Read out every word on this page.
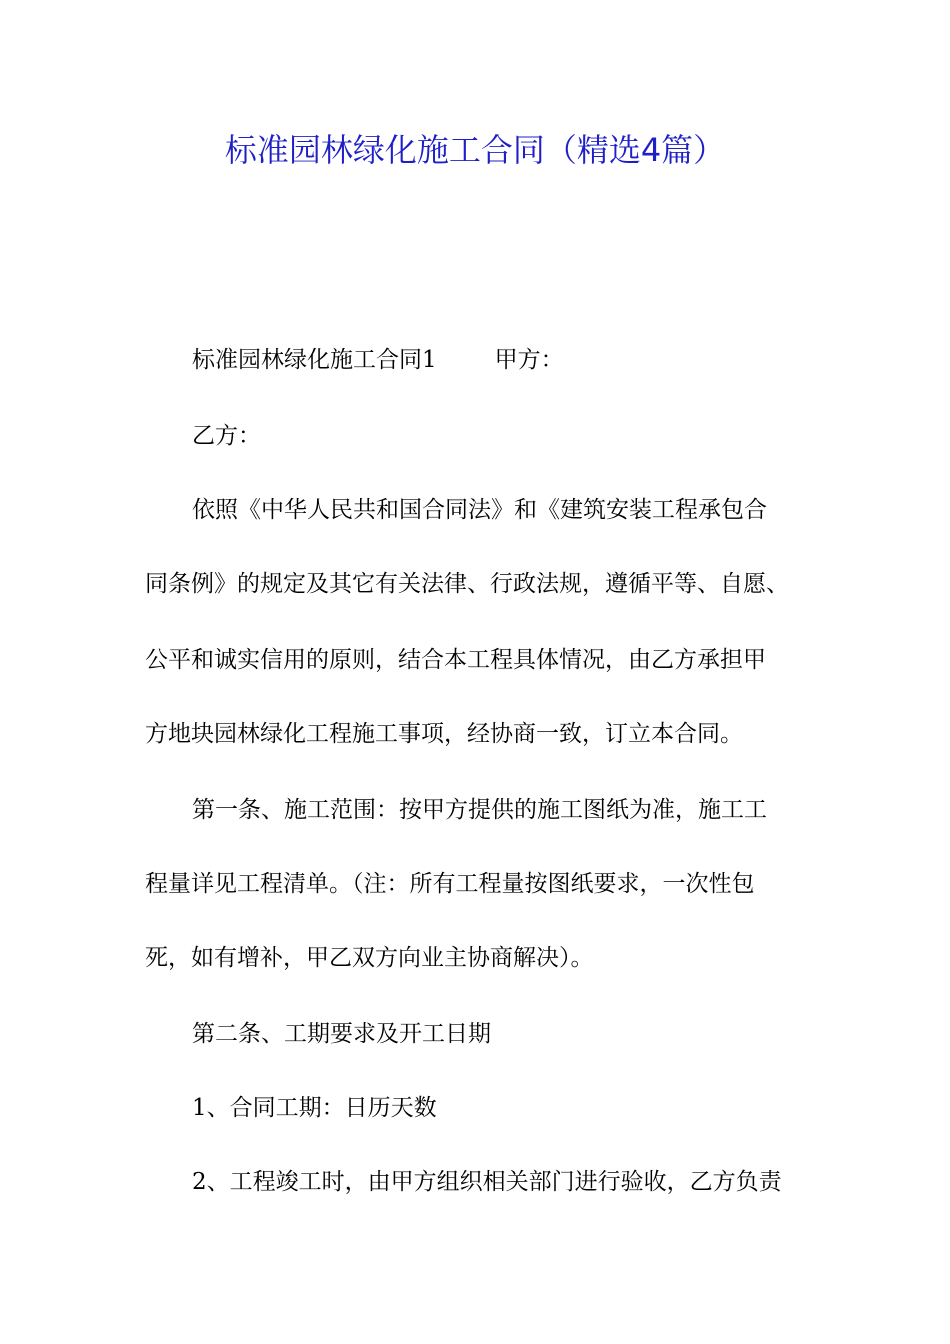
标准园林绿化施工合同（精选4篇）
标准园林绿化施工合同1	甲方：
乙方：
依照《中华人民共和国合同法》和《建筑安装工程承包合
同条例》的规定及其它有关法律、行政法规，遵循平等、自愿、
公平和诚实信用的原则，结合本工程具体情况，由乙方承担甲
方地块园林绿化工程施工事项，经协商一致，订立本合同。
第一条、施工范围：按甲方提供的施工图纸为准，施工工
程量详见工程清单。（注：所有工程量按图纸要求，一次性包
死，如有增补，甲乙双方向业主协商解决）。
第二条、工期要求及开工日期
1、合同工期：日历天数
2、工程竣工时，由甲方组织相关部门进行验收，乙方负责
